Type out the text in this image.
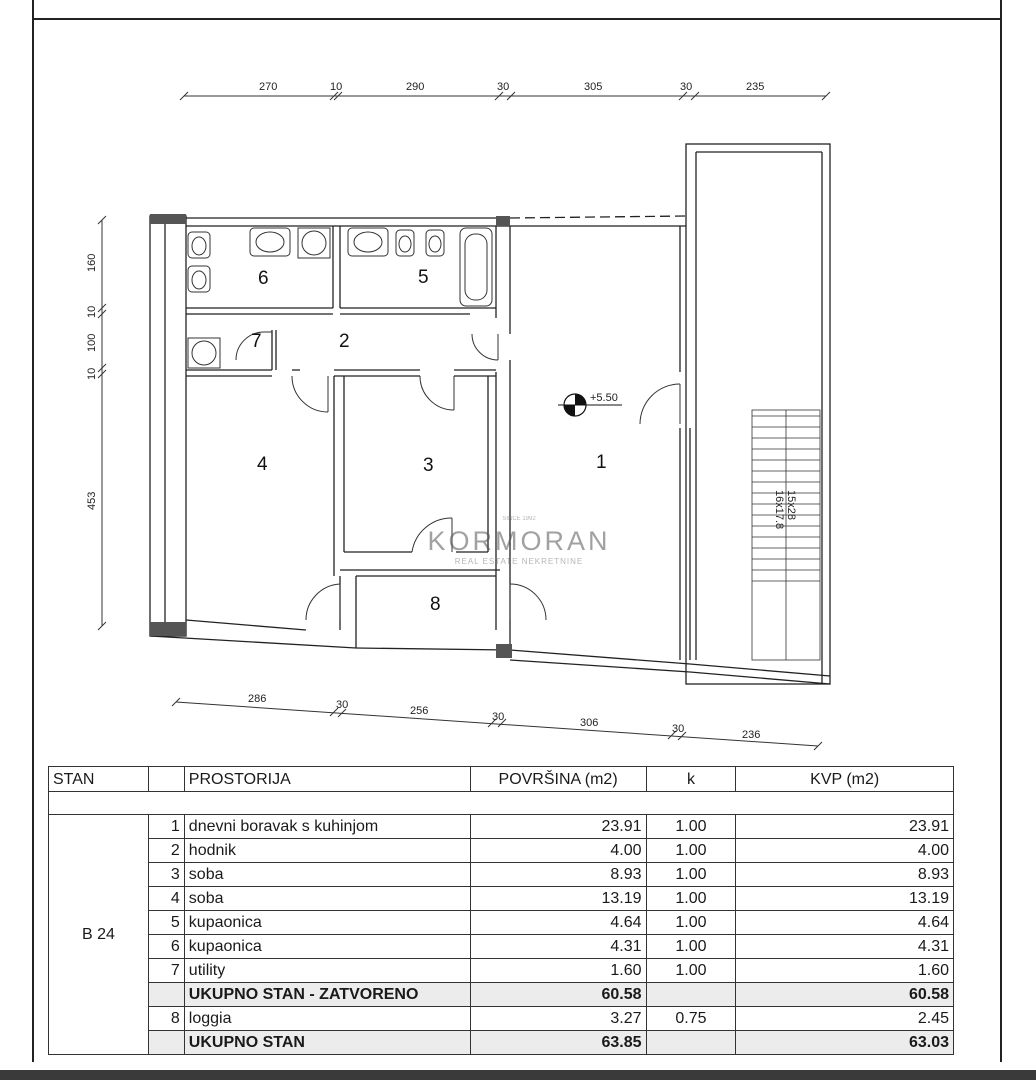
270	10	290	30	305	30	235
160
10
10
100
453
286	30	256	30	306	30	236
+5.50
15x28
16x17.8
1
2
3
4
5
6
7
8
SINCE 1992
KORMORAN
REAL ESTATE NEKRETNINE
STAN		PROSTORIJA	POVRŠINA (m2)	k	KVP (m2)

B 24	1	dnevni boravak s kuhinjom	23.91	1.00	23.91
	2	hodnik	4.00	1.00	4.00
	3	soba	8.93	1.00	8.93
	4	soba	13.19	1.00	13.19
	5	kupaonica	4.64	1.00	4.64
	6	kupaonica	4.31	1.00	4.31
	7	utility	1.60	1.00	1.60
		UKUPNO STAN - ZATVORENO	60.58		60.58
	8	loggia	3.27	0.75	2.45
		UKUPNO STAN	63.85		63.03
